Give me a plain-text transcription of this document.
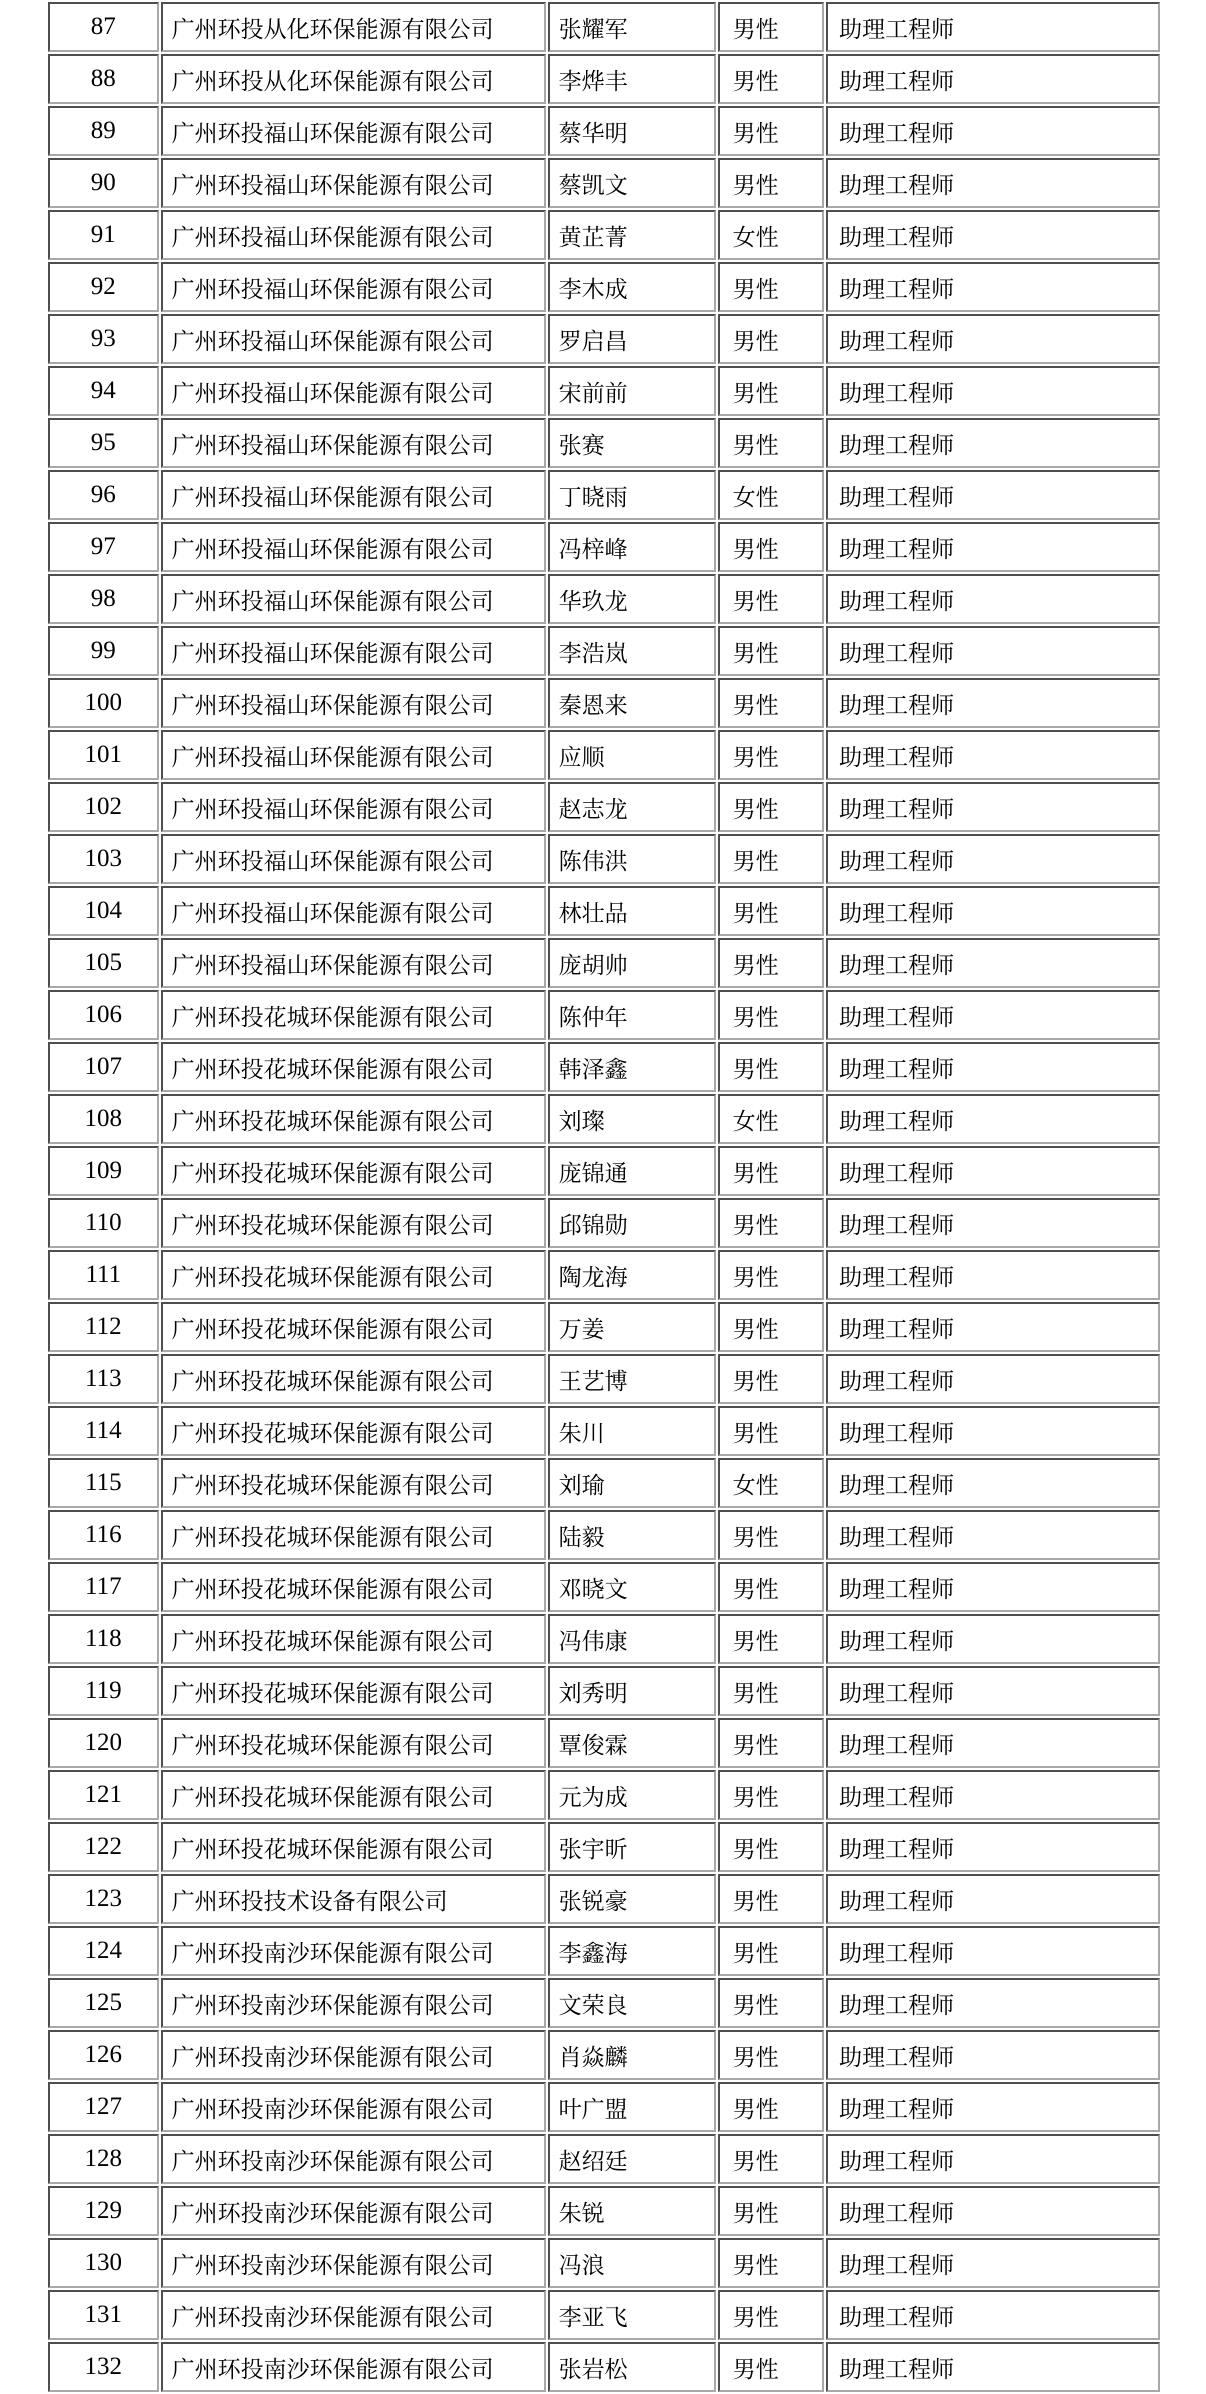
87	广州环投从化环保能源有限公司	张耀军	男性	助理工程师
88	广州环投从化环保能源有限公司	李烨丰	男性	助理工程师
89	广州环投福山环保能源有限公司	蔡华明	男性	助理工程师
90	广州环投福山环保能源有限公司	蔡凯文	男性	助理工程师
91	广州环投福山环保能源有限公司	黄芷菁	女性	助理工程师
92	广州环投福山环保能源有限公司	李木成	男性	助理工程师
93	广州环投福山环保能源有限公司	罗启昌	男性	助理工程师
94	广州环投福山环保能源有限公司	宋前前	男性	助理工程师
95	广州环投福山环保能源有限公司	张赛	男性	助理工程师
96	广州环投福山环保能源有限公司	丁晓雨	女性	助理工程师
97	广州环投福山环保能源有限公司	冯梓峰	男性	助理工程师
98	广州环投福山环保能源有限公司	华玖龙	男性	助理工程师
99	广州环投福山环保能源有限公司	李浩岚	男性	助理工程师
100	广州环投福山环保能源有限公司	秦恩来	男性	助理工程师
101	广州环投福山环保能源有限公司	应顺	男性	助理工程师
102	广州环投福山环保能源有限公司	赵志龙	男性	助理工程师
103	广州环投福山环保能源有限公司	陈伟洪	男性	助理工程师
104	广州环投福山环保能源有限公司	林壮品	男性	助理工程师
105	广州环投福山环保能源有限公司	庞胡帅	男性	助理工程师
106	广州环投花城环保能源有限公司	陈仲年	男性	助理工程师
107	广州环投花城环保能源有限公司	韩泽鑫	男性	助理工程师
108	广州环投花城环保能源有限公司	刘璨	女性	助理工程师
109	广州环投花城环保能源有限公司	庞锦通	男性	助理工程师
110	广州环投花城环保能源有限公司	邱锦勋	男性	助理工程师
111	广州环投花城环保能源有限公司	陶龙海	男性	助理工程师
112	广州环投花城环保能源有限公司	万姜	男性	助理工程师
113	广州环投花城环保能源有限公司	王艺博	男性	助理工程师
114	广州环投花城环保能源有限公司	朱川	男性	助理工程师
115	广州环投花城环保能源有限公司	刘瑜	女性	助理工程师
116	广州环投花城环保能源有限公司	陆毅	男性	助理工程师
117	广州环投花城环保能源有限公司	邓晓文	男性	助理工程师
118	广州环投花城环保能源有限公司	冯伟康	男性	助理工程师
119	广州环投花城环保能源有限公司	刘秀明	男性	助理工程师
120	广州环投花城环保能源有限公司	覃俊霖	男性	助理工程师
121	广州环投花城环保能源有限公司	元为成	男性	助理工程师
122	广州环投花城环保能源有限公司	张宇昕	男性	助理工程师
123	广州环投技术设备有限公司	张锐豪	男性	助理工程师
124	广州环投南沙环保能源有限公司	李鑫海	男性	助理工程师
125	广州环投南沙环保能源有限公司	文荣良	男性	助理工程师
126	广州环投南沙环保能源有限公司	肖焱麟	男性	助理工程师
127	广州环投南沙环保能源有限公司	叶广盟	男性	助理工程师
128	广州环投南沙环保能源有限公司	赵绍廷	男性	助理工程师
129	广州环投南沙环保能源有限公司	朱锐	男性	助理工程师
130	广州环投南沙环保能源有限公司	冯浪	男性	助理工程师
131	广州环投南沙环保能源有限公司	李亚飞	男性	助理工程师
132	广州环投南沙环保能源有限公司	张岩松	男性	助理工程师
